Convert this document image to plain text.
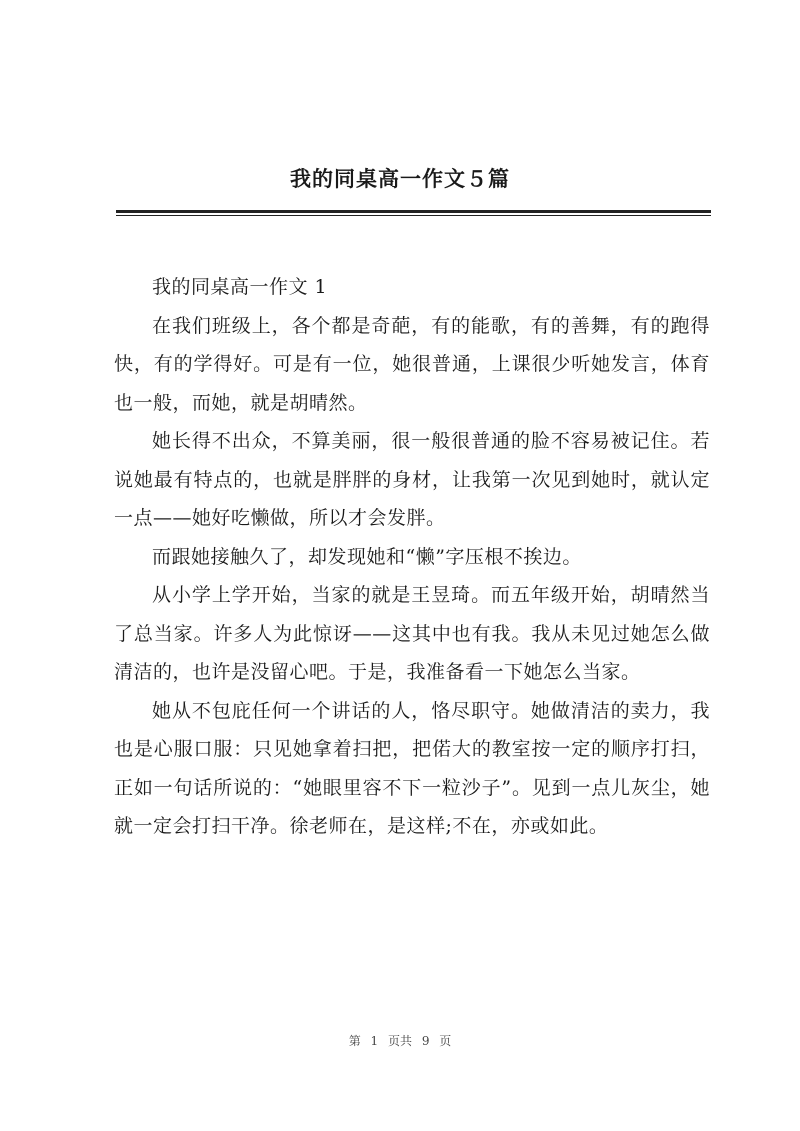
我的同桌高一作文５篇

我的同桌高一作文 1

在我们班级上，各个都是奇葩，有的能歌，有的善舞，有的跑得快，有的学得好。可是有一位，她很普通，上课很少听她发言，体育也一般，而她，就是胡晴然。

她长得不出众，不算美丽，很一般很普通的脸不容易被记住。若说她最有特点的，也就是胖胖的身材，让我第一次见到她时，就认定一点——她好吃懒做，所以才会发胖。

而跟她接触久了，却发现她和“懒”字压根不挨边。

从小学上学开始，当家的就是王昱琦。而五年级开始，胡晴然当了总当家。许多人为此惊讶——这其中也有我。我从未见过她怎么做清洁的，也许是没留心吧。于是，我准备看一下她怎么当家。

她从不包庇任何一个讲话的人，恪尽职守。她做清洁的卖力，我也是心服口服：只见她拿着扫把，把偌大的教室按一定的顺序打扫，正如一句话所说的：“她眼里容不下一粒沙子”。见到一点儿灰尘，她就一定会打扫干净。徐老师在，是这样;不在，亦或如此。

第 1 页共 9 页
